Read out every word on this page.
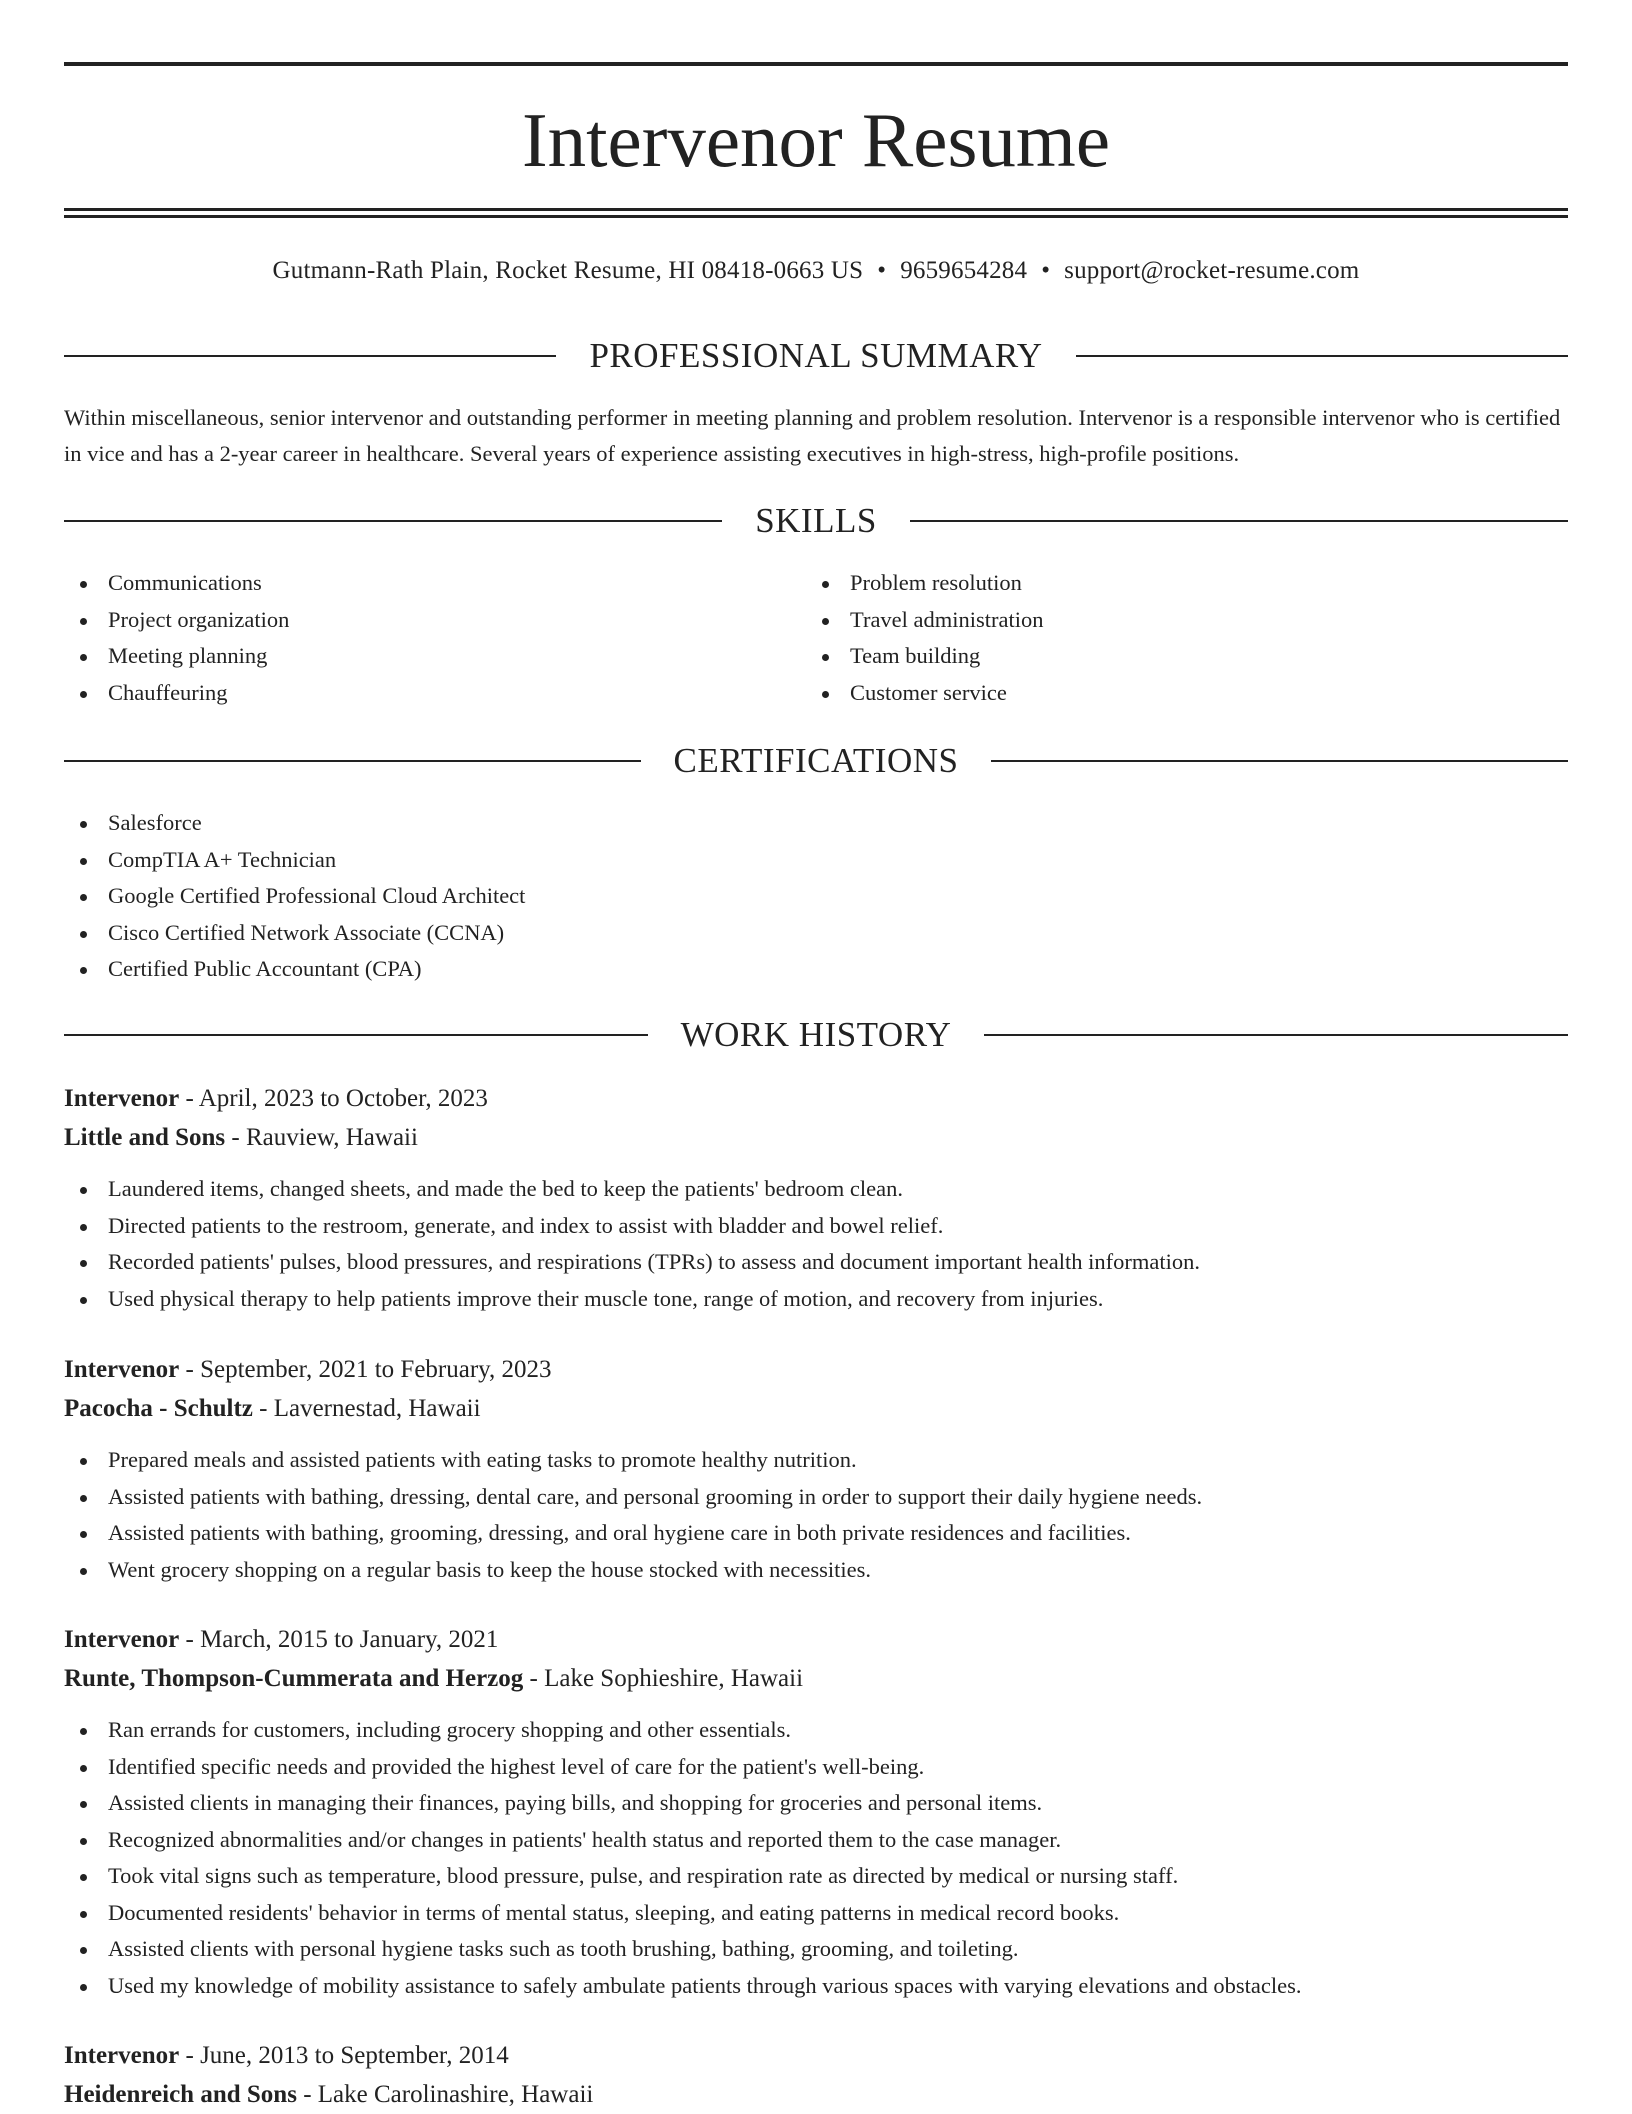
Intervenor Resume
Gutmann-Rath Plain, Rocket Resume, HI 08418-0663 US • 9659654284 • support@rocket-resume.com
PROFESSIONAL SUMMARY

Within miscellaneous, senior intervenor and outstanding performer in meeting planning and problem resolution. Intervenor is a responsible intervenor who is certified in vice and has a 2-year career in healthcare. Several years of experience assisting executives in high-stress, high-profile positions.

SKILLS
Communications
Project organization
Meeting planning
Chauffeuring
Problem resolution
Travel administration
Team building
Customer service
CERTIFICATIONS
Salesforce
CompTIA A+ Technician
Google Certified Professional Cloud Architect
Cisco Certified Network Associate (CCNA)
Certified Public Accountant (CPA)
WORK HISTORY
Intervenor - April, 2023 to October, 2023
Little and Sons - Rauview, Hawaii
Laundered items, changed sheets, and made the bed to keep the patients' bedroom clean.
Directed patients to the restroom, generate, and index to assist with bladder and bowel relief.
Recorded patients' pulses, blood pressures, and respirations (TPRs) to assess and document important health information.
Used physical therapy to help patients improve their muscle tone, range of motion, and recovery from injuries.
Intervenor - September, 2021 to February, 2023
Pacocha - Schultz - Lavernestad, Hawaii
Prepared meals and assisted patients with eating tasks to promote healthy nutrition.
Assisted patients with bathing, dressing, dental care, and personal grooming in order to support their daily hygiene needs.
Assisted patients with bathing, grooming, dressing, and oral hygiene care in both private residences and facilities.
Went grocery shopping on a regular basis to keep the house stocked with necessities.
Intervenor - March, 2015 to January, 2021
Runte, Thompson-Cummerata and Herzog - Lake Sophieshire, Hawaii
Ran errands for customers, including grocery shopping and other essentials.
Identified specific needs and provided the highest level of care for the patient's well-being.
Assisted clients in managing their finances, paying bills, and shopping for groceries and personal items.
Recognized abnormalities and/or changes in patients' health status and reported them to the case manager.
Took vital signs such as temperature, blood pressure, pulse, and respiration rate as directed by medical or nursing staff.
Documented residents' behavior in terms of mental status, sleeping, and eating patterns in medical record books.
Assisted clients with personal hygiene tasks such as tooth brushing, bathing, grooming, and toileting.
Used my knowledge of mobility assistance to safely ambulate patients through various spaces with varying elevations and obstacles.
Intervenor - June, 2013 to September, 2014
Heidenreich and Sons - Lake Carolinashire, Hawaii
